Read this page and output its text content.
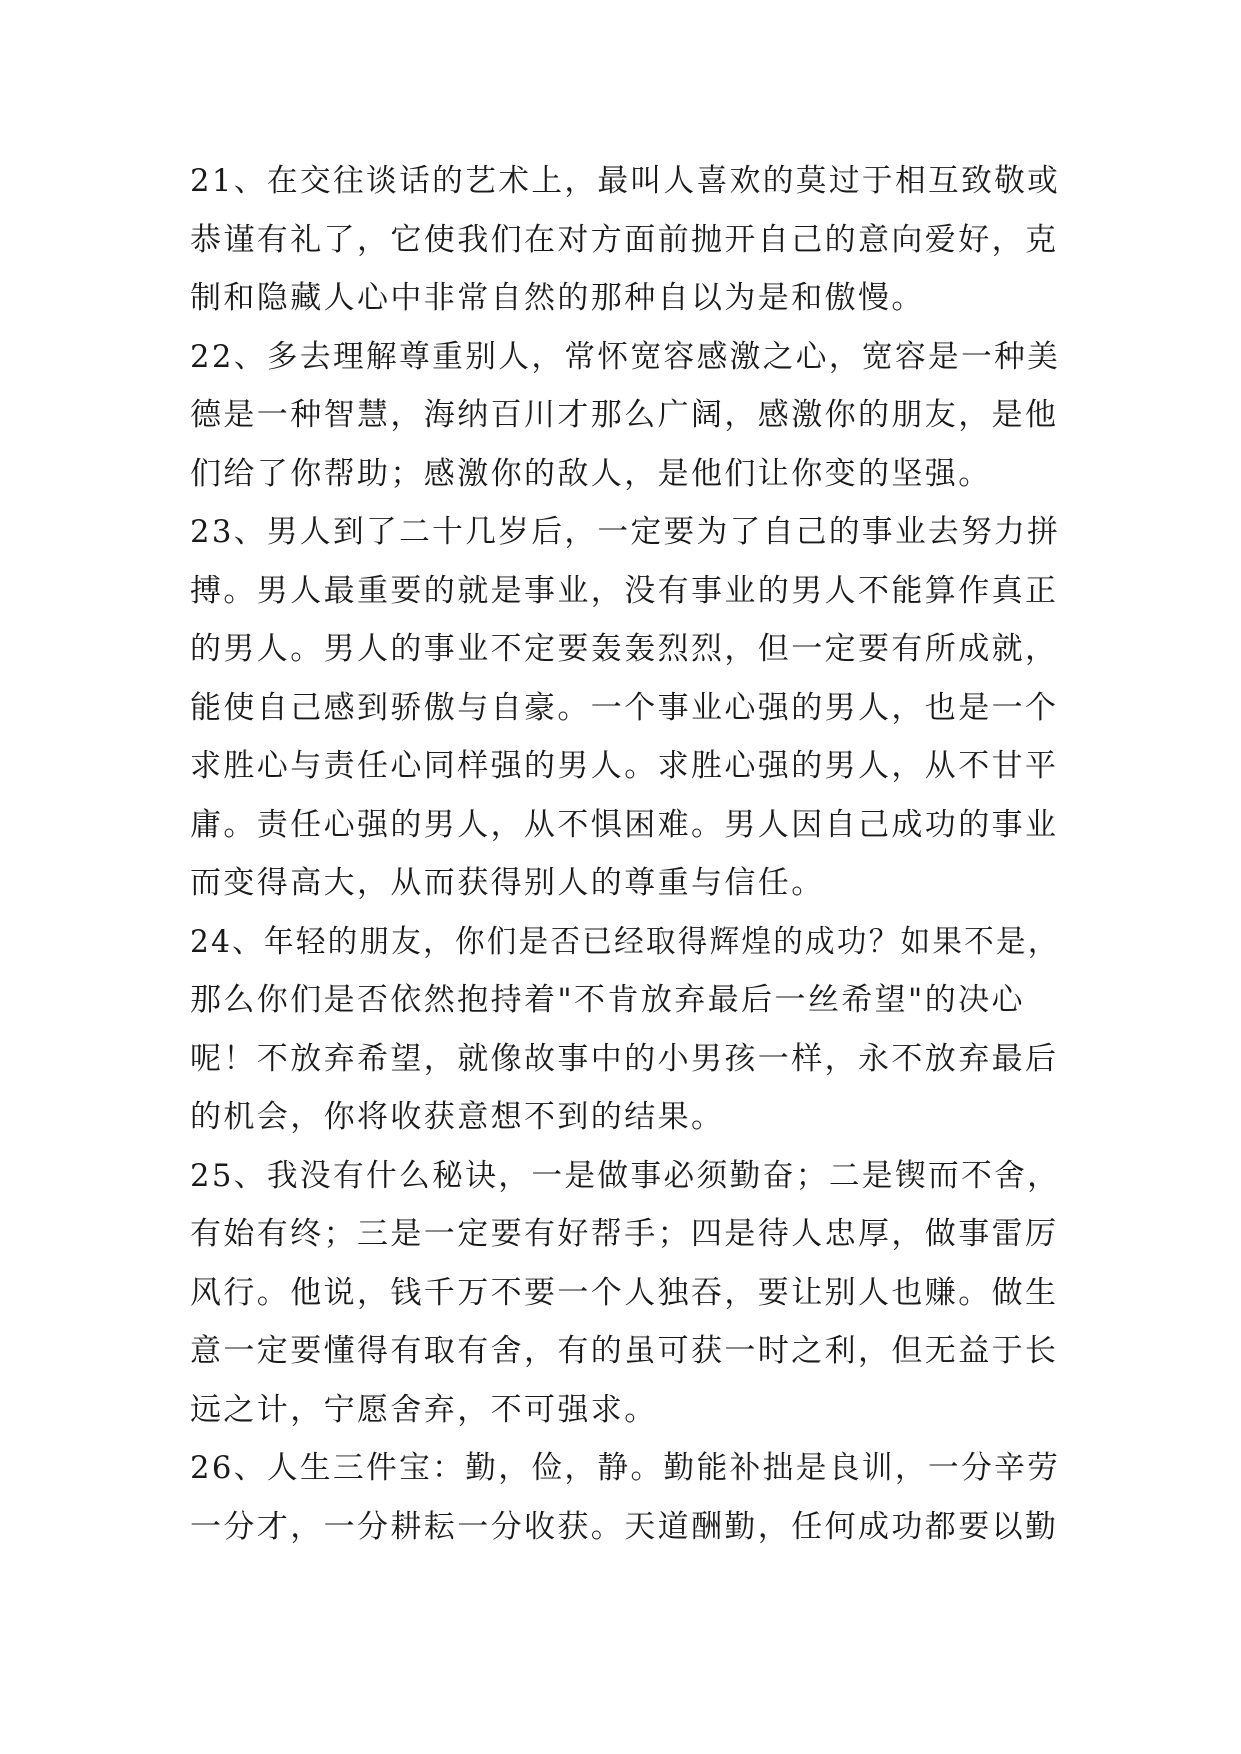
21、在交往谈话的艺术上，最叫人喜欢的莫过于相互致敬或
恭谨有礼了，它使我们在对方面前抛开自己的意向爱好，克
制和隐藏人心中非常自然的那种自以为是和傲慢。
22、多去理解尊重别人，常怀宽容感激之心，宽容是一种美
德是一种智慧，海纳百川才那么广阔，感激你的朋友，是他
们给了你帮助；感激你的敌人，是他们让你变的坚强。
23、男人到了二十几岁后，一定要为了自己的事业去努力拼
搏。男人最重要的就是事业，没有事业的男人不能算作真正
的男人。男人的事业不定要轰轰烈烈，但一定要有所成就，
能使自己感到骄傲与自豪。一个事业心强的男人，也是一个
求胜心与责任心同样强的男人。求胜心强的男人，从不甘平
庸。责任心强的男人，从不惧困难。男人因自己成功的事业
而变得高大，从而获得别人的尊重与信任。
24、年轻的朋友，你们是否已经取得辉煌的成功？如果不是，
那么你们是否依然抱持着"不肯放弃最后一丝希望"的决心
呢！不放弃希望，就像故事中的小男孩一样，永不放弃最后
的机会，你将收获意想不到的结果。
25、我没有什么秘诀，一是做事必须勤奋；二是锲而不舍，
有始有终；三是一定要有好帮手；四是待人忠厚，做事雷厉
风行。他说，钱千万不要一个人独吞，要让别人也赚。做生
意一定要懂得有取有舍，有的虽可获一时之利，但无益于长
远之计，宁愿舍弃，不可强求。
26、人生三件宝：勤，俭，静。勤能补拙是良训，一分辛劳
一分才，一分耕耘一分收获。天道酬勤，任何成功都要以勤
